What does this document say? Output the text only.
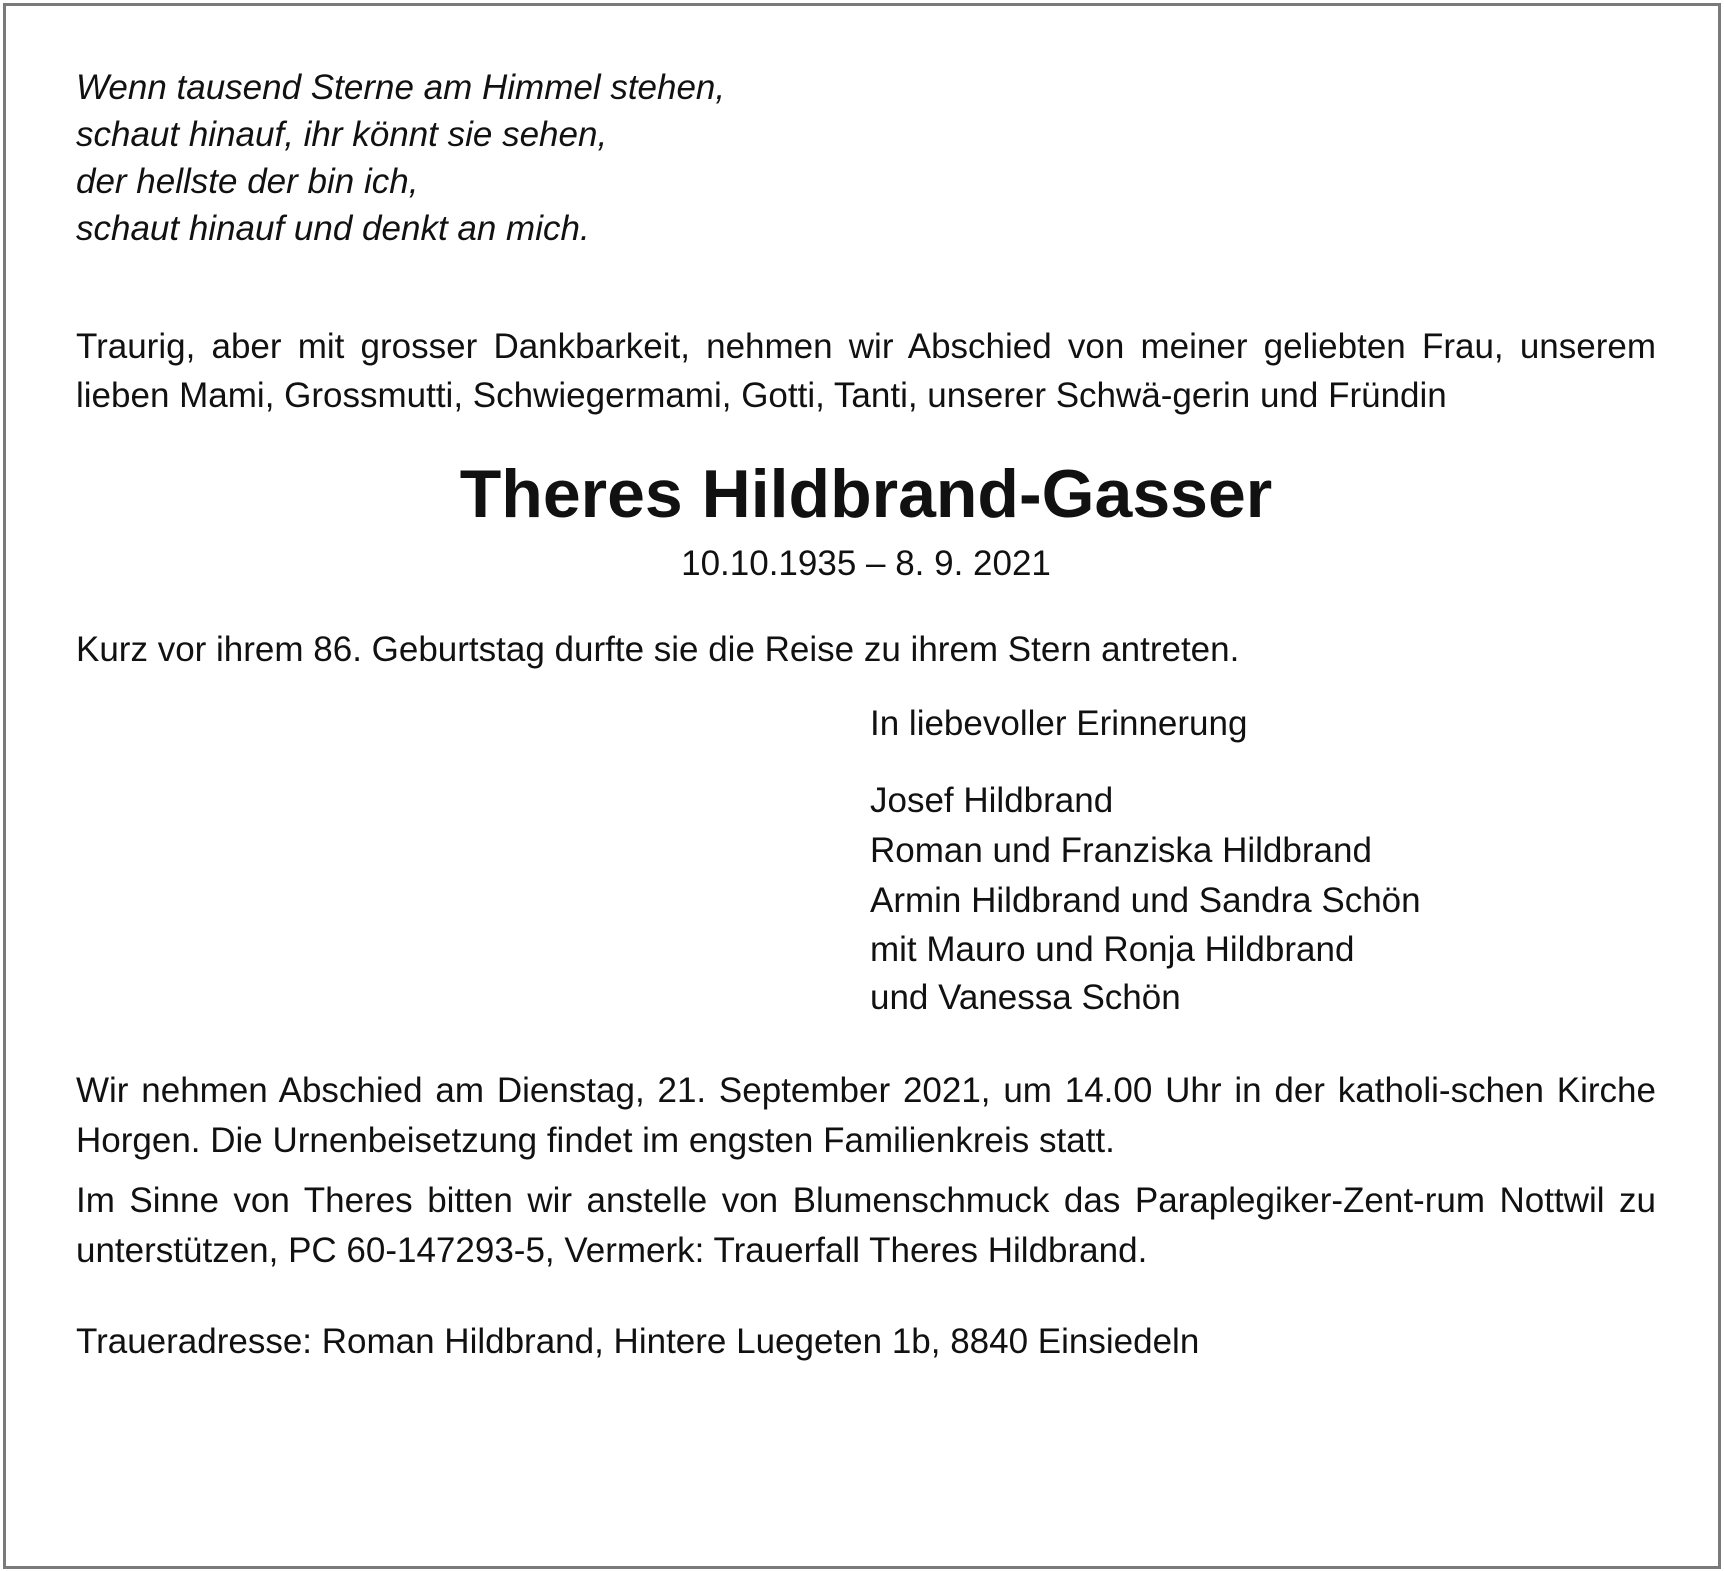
Wenn tausend Sterne am Himmel stehen,
schaut hinauf, ihr könnt sie sehen,
der hellste der bin ich,
schaut hinauf und denkt an mich.
Traurig, aber mit grosser Dankbarkeit, nehmen wir Abschied von meiner geliebten Frau, unserem lieben Mami, Grossmutti, Schwiegermami, Gotti, Tanti, unserer Schwä-gerin und Fründin
Theres Hildbrand-Gasser
10.10.1935 – 8. 9. 2021
Kurz vor ihrem 86. Geburtstag durfte sie die Reise zu ihrem Stern antreten.
In liebevoller Erinnerung
Josef Hildbrand
Roman und Franziska Hildbrand
Armin Hildbrand und Sandra Schön
mit Mauro und Ronja Hildbrand
und Vanessa Schön
Wir nehmen Abschied am Dienstag, 21. September 2021, um 14.00 Uhr in der katholi-schen Kirche Horgen. Die Urnenbeisetzung findet im engsten Familienkreis statt.
Im Sinne von Theres bitten wir anstelle von Blumenschmuck das Paraplegiker-Zent-rum Nottwil zu unterstützen, PC 60-147293-5, Vermerk: Trauerfall Theres Hildbrand.
Traueradresse: Roman Hildbrand, Hintere Luegeten 1b, 8840 Einsiedeln
